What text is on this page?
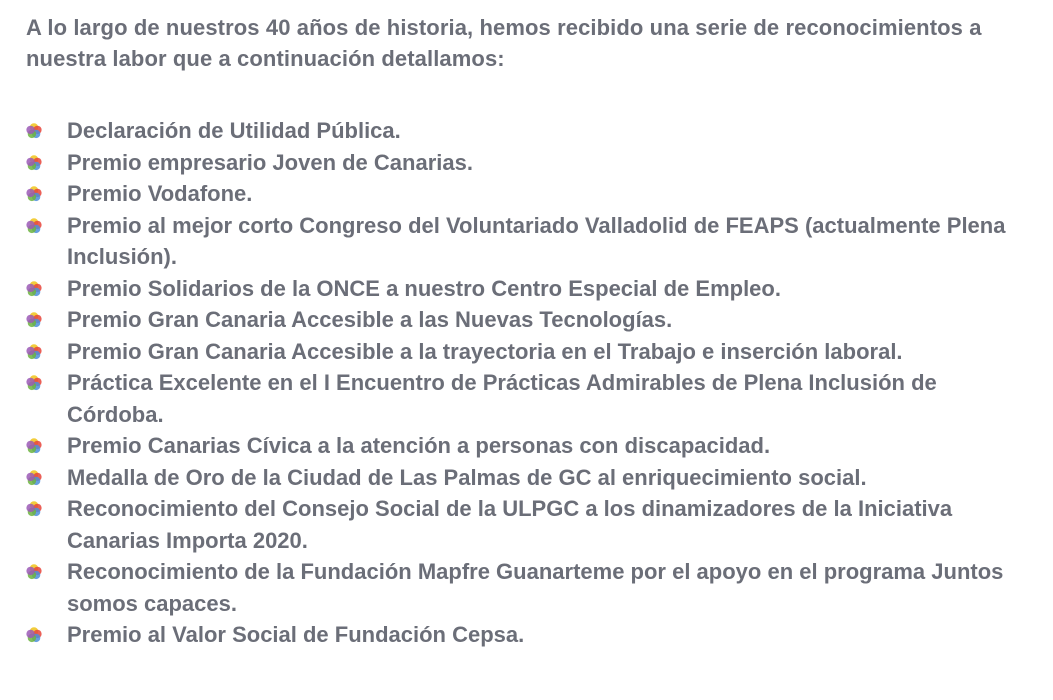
A lo largo de nuestros 40 años de historia, hemos recibido una serie de reconocimientos a nuestra labor que a continuación detallamos:

Declaración de Utilidad Pública.
Premio empresario Joven de Canarias.
Premio Vodafone.
Premio al mejor corto Congreso del Voluntariado Valladolid de FEAPS (actualmente Plena Inclusión).
Premio Solidarios de la ONCE a nuestro Centro Especial de Empleo.
Premio Gran Canaria Accesible a las Nuevas Tecnologías.
Premio Gran Canaria Accesible a la trayectoria en el Trabajo e inserción laboral.
Práctica Excelente en el I Encuentro de Prácticas Admirables de Plena Inclusión de Córdoba.
Premio Canarias Cívica a la atención a personas con discapacidad.
Medalla de Oro de la Ciudad de Las Palmas de GC al enriquecimiento social.
Reconocimiento del Consejo Social de la ULPGC a los dinamizadores de la Iniciativa Canarias Importa 2020.
Reconocimiento de la Fundación Mapfre Guanarteme por el apoyo en el programa Juntos somos capaces.
Premio al Valor Social de Fundación Cepsa.
